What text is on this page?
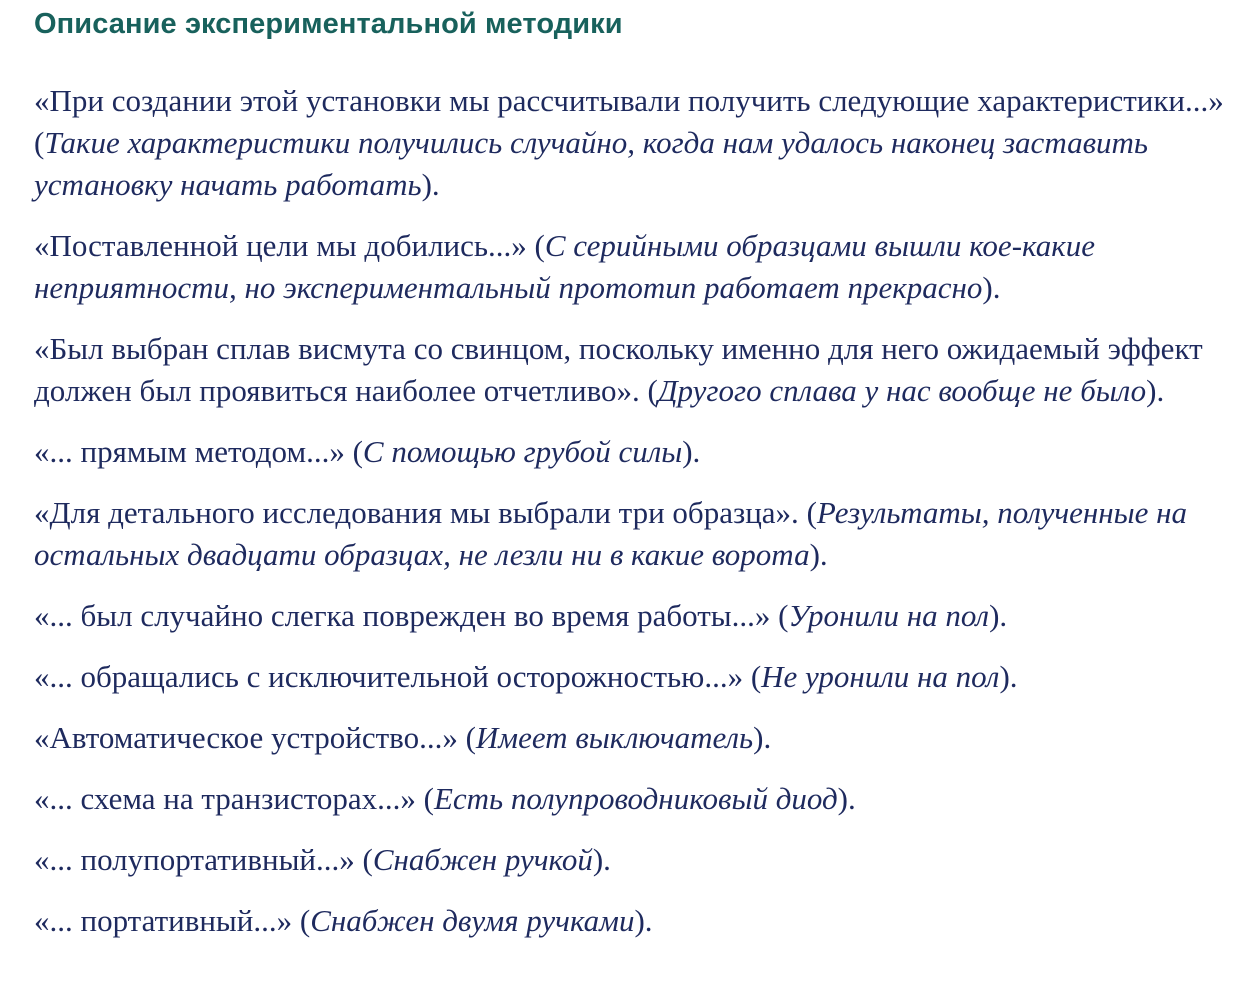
Описание экспериментальной методики

«При создании этой установки мы рассчитывали получить следующие характеристики...» (Такие характеристики получились случайно, когда нам удалось наконец заставить установку начать работать).

«Поставленной цели мы добились...» (С серийными образцами вышли кое-какие неприятности, но экспериментальный прототип работает прекрасно).

«Был выбран сплав висмута со свинцом, поскольку именно для него ожидаемый эффект должен был проявиться наиболее отчетливо». (Другого сплава у нас вообще не было).

«... прямым методом...» (С помощью грубой силы).

«Для детального исследования мы выбрали три образца». (Результаты, полученные на остальных двадцати образцах, не лезли ни в какие ворота).

«... был случайно слегка поврежден во время работы...» (Уронили на пол).

«... обращались с исключительной осторожностью...» (Не уронили на пол).

«Автоматическое устройство...» (Имеет выключатель).

«... схема на транзисторах...» (Есть полупроводниковый диод).

«... полупортативный...» (Снабжен ручкой).

«... портативный...» (Снабжен двумя ручками).
